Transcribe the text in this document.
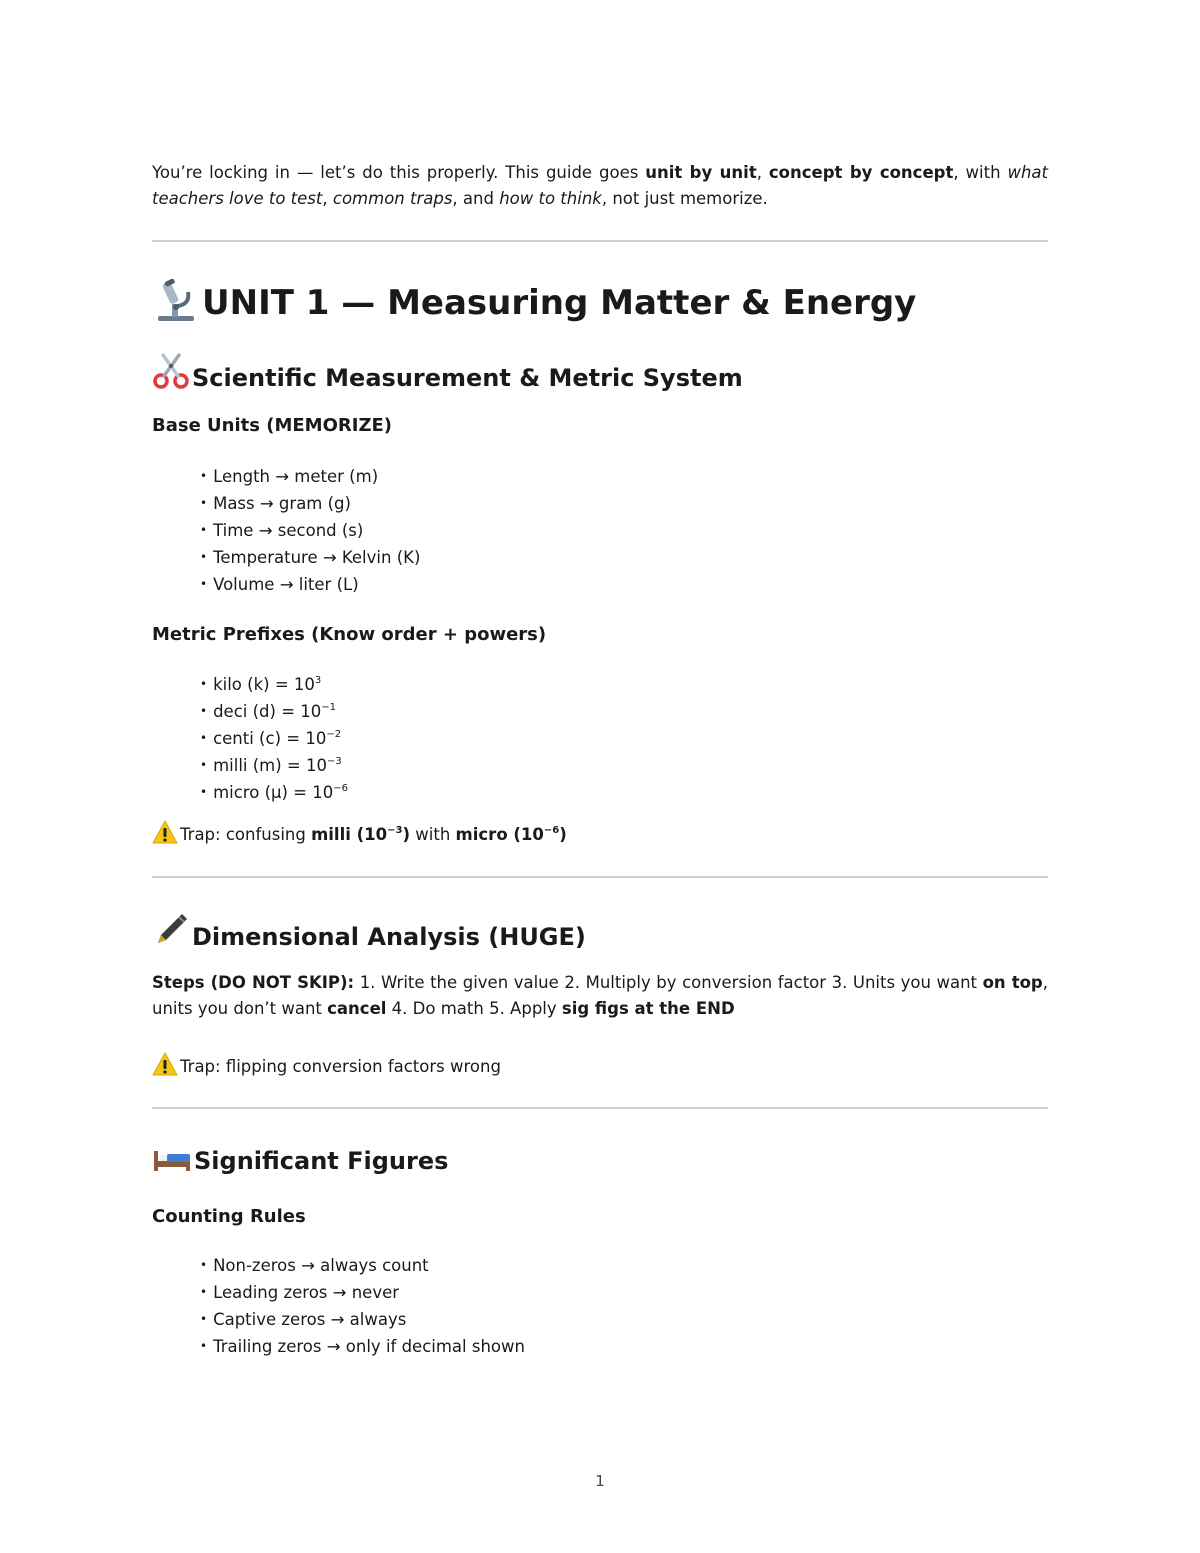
You’re locking in — let’s do this properly. This guide goes unit by unit, concept by concept, with what teachers love to test, common traps, and how to think, not just memorize.

UNIT 1 — Measuring Matter & Energy
Scientific Measurement & Metric System
Base Units (MEMORIZE)
• Length → meter (m)
• Mass → gram (g)
• Time → second (s)
• Temperature → Kelvin (K)
• Volume → liter (L)
Metric Prefixes (Know order + powers)
• kilo $(k) = 10^3$
• deci $(d) = 10^{-1}$
• centi $(c) = 10^{-2}$
• milli $(m) = 10^{-3}$
• micro $(\mu) = 10^{-6}$

Trap: confusing milli $(10^{-3})$ with micro $(10^{-6})$

Dimensional Analysis (HUGE)

Steps (DO NOT SKIP): 1. Write the given value 2. Multiply by conversion factor 3. Units you want on top, units you don’t want cancel 4. Do math 5. Apply sig figs at the END

Trap: flipping conversion factors wrong

Significant Figures
Counting Rules
• Non-zeros → always count
• Leading zeros → never
• Captive zeros → always
• Trailing zeros → only if decimal shown
1
